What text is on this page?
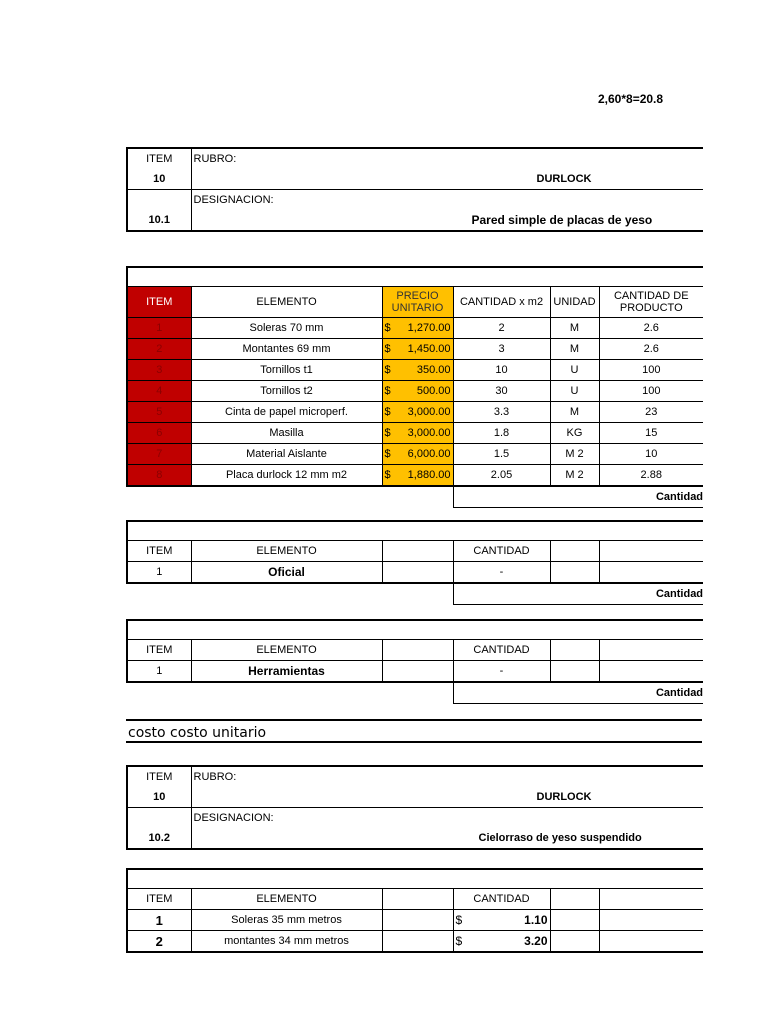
2,60*8=20.8
ITEM	RUBRO:
10	DURLOCK
	DESIGNACION:
10.1	Pared simple de placas de yeso

ITEM	ELEMENTO	PRECIO UNITARIO	CANTIDAD x m2	UNIDAD	CANTIDAD DE PRODUCTO
1	Soleras 70 mm	$ 1,270.00	2	M	2.6
2	Montantes 69 mm	$ 1,450.00	3	M	2.6
3	Tornillos t1	$ 350.00	10	U	100
4	Tornillos t2	$ 500.00	30	U	100
5	Cinta de papel microperf.	$ 3,000.00	3.3	M	23
6	Masilla	$ 3,000.00	1.8	KG	15
7	Material Aislante	$ 6,000.00	1.5	M 2	10
8	Placa durlock 12 mm m2	$ 1,880.00	2.05	M 2	2.88
			Cantidad		

ITEM	ELEMENTO		CANTIDAD		
1	Oficial		-		
			Cantidad		

ITEM	ELEMENTO		CANTIDAD		
1	Herramientas		-		
			Cantidad		
costo costo unitario
ITEM	RUBRO:
10	DURLOCK
	DESIGNACION:
10.2	Cielorraso de yeso suspendido

ITEM	ELEMENTO		CANTIDAD		
1	Soleras 35 mm metros		$ 1.10		

2	montantes 34 mm metros		$ 3.20		
